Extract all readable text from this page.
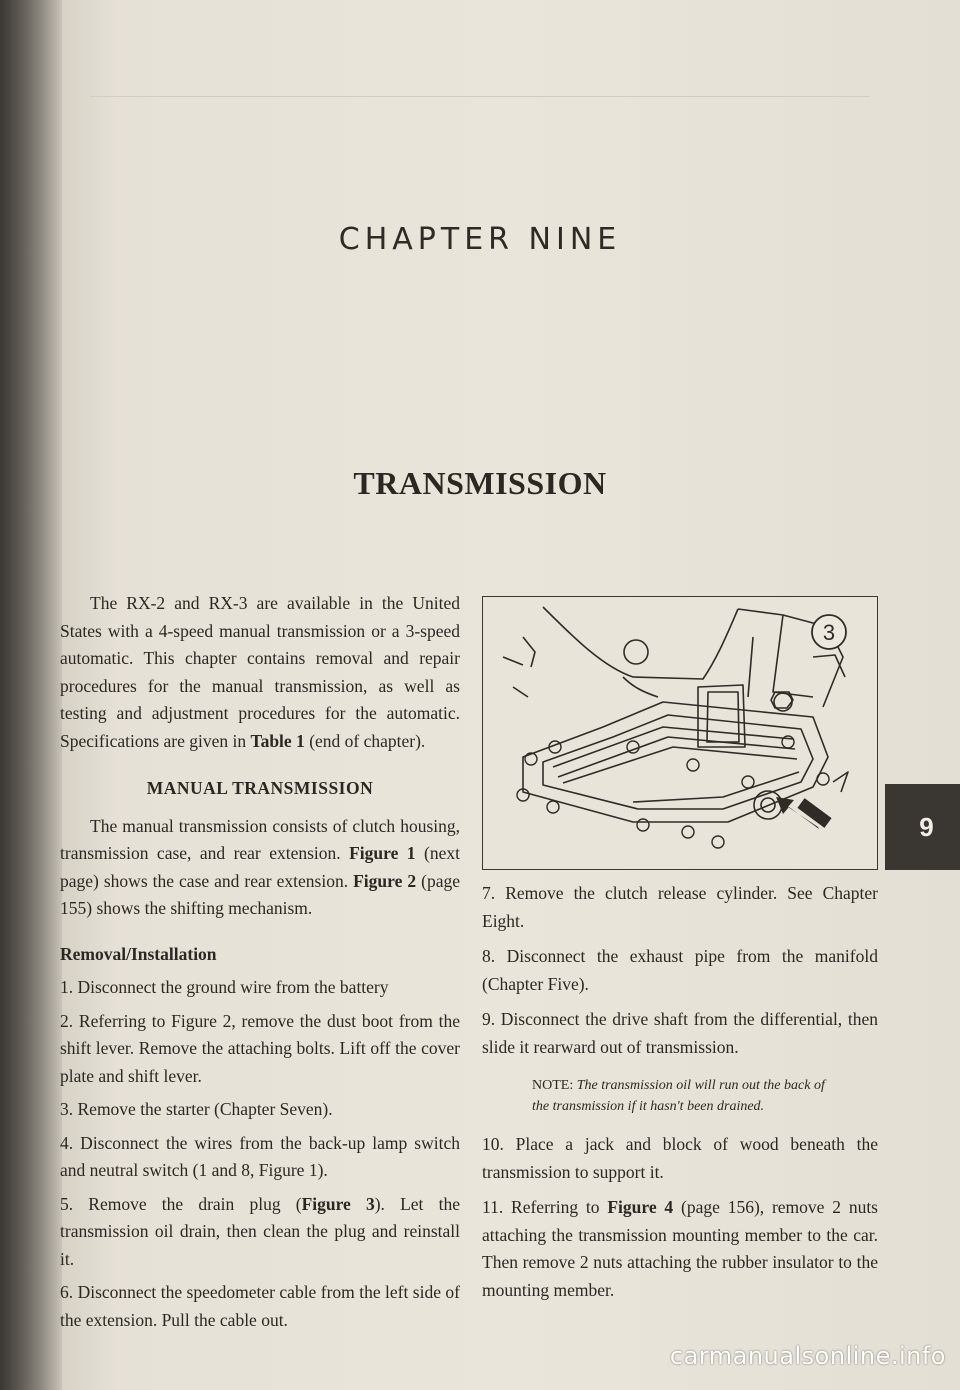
CHAPTER NINE
TRANSMISSION

The RX-2 and RX-3 are available in the United States with a 4-speed manual transmission or a 3-speed automatic. This chapter contains removal and repair procedures for the manual transmission, as well as testing and adjustment procedures for the automatic. Specifications are given in Table 1 (end of chapter).

MANUAL TRANSMISSION

The manual transmission consists of clutch housing, transmission case, and rear extension. Figure 1 (next page) shows the case and rear extension. Figure 2 (page 155) shows the shifting mechanism.

Removal/Installation

1. Disconnect the ground wire from the battery

2. Referring to Figure 2, remove the dust boot from the shift lever. Remove the attaching bolts. Lift off the cover plate and shift lever.

3. Remove the starter (Chapter Seven).

4. Disconnect the wires from the back-up lamp switch and neutral switch (1 and 8, Figure 1).

5. Remove the drain plug (Figure 3). Let the transmission oil drain, then clean the plug and reinstall it.

6. Disconnect the speedometer cable from the left side of the extension. Pull the cable out.

3

7. Remove the clutch release cylinder. See Chapter Eight.

8. Disconnect the exhaust pipe from the manifold (Chapter Five).

9. Disconnect the drive shaft from the differential, then slide it rearward out of transmission.

NOTE: The transmission oil will run out the back of the transmission if it hasn't been drained.

10. Place a jack and block of wood beneath the transmission to support it.

11. Referring to Figure 4 (page 156), remove 2 nuts attaching the transmission mounting member to the car. Then remove 2 nuts attaching the rubber insulator to the mounting member.

9
carmanualsonline.info
